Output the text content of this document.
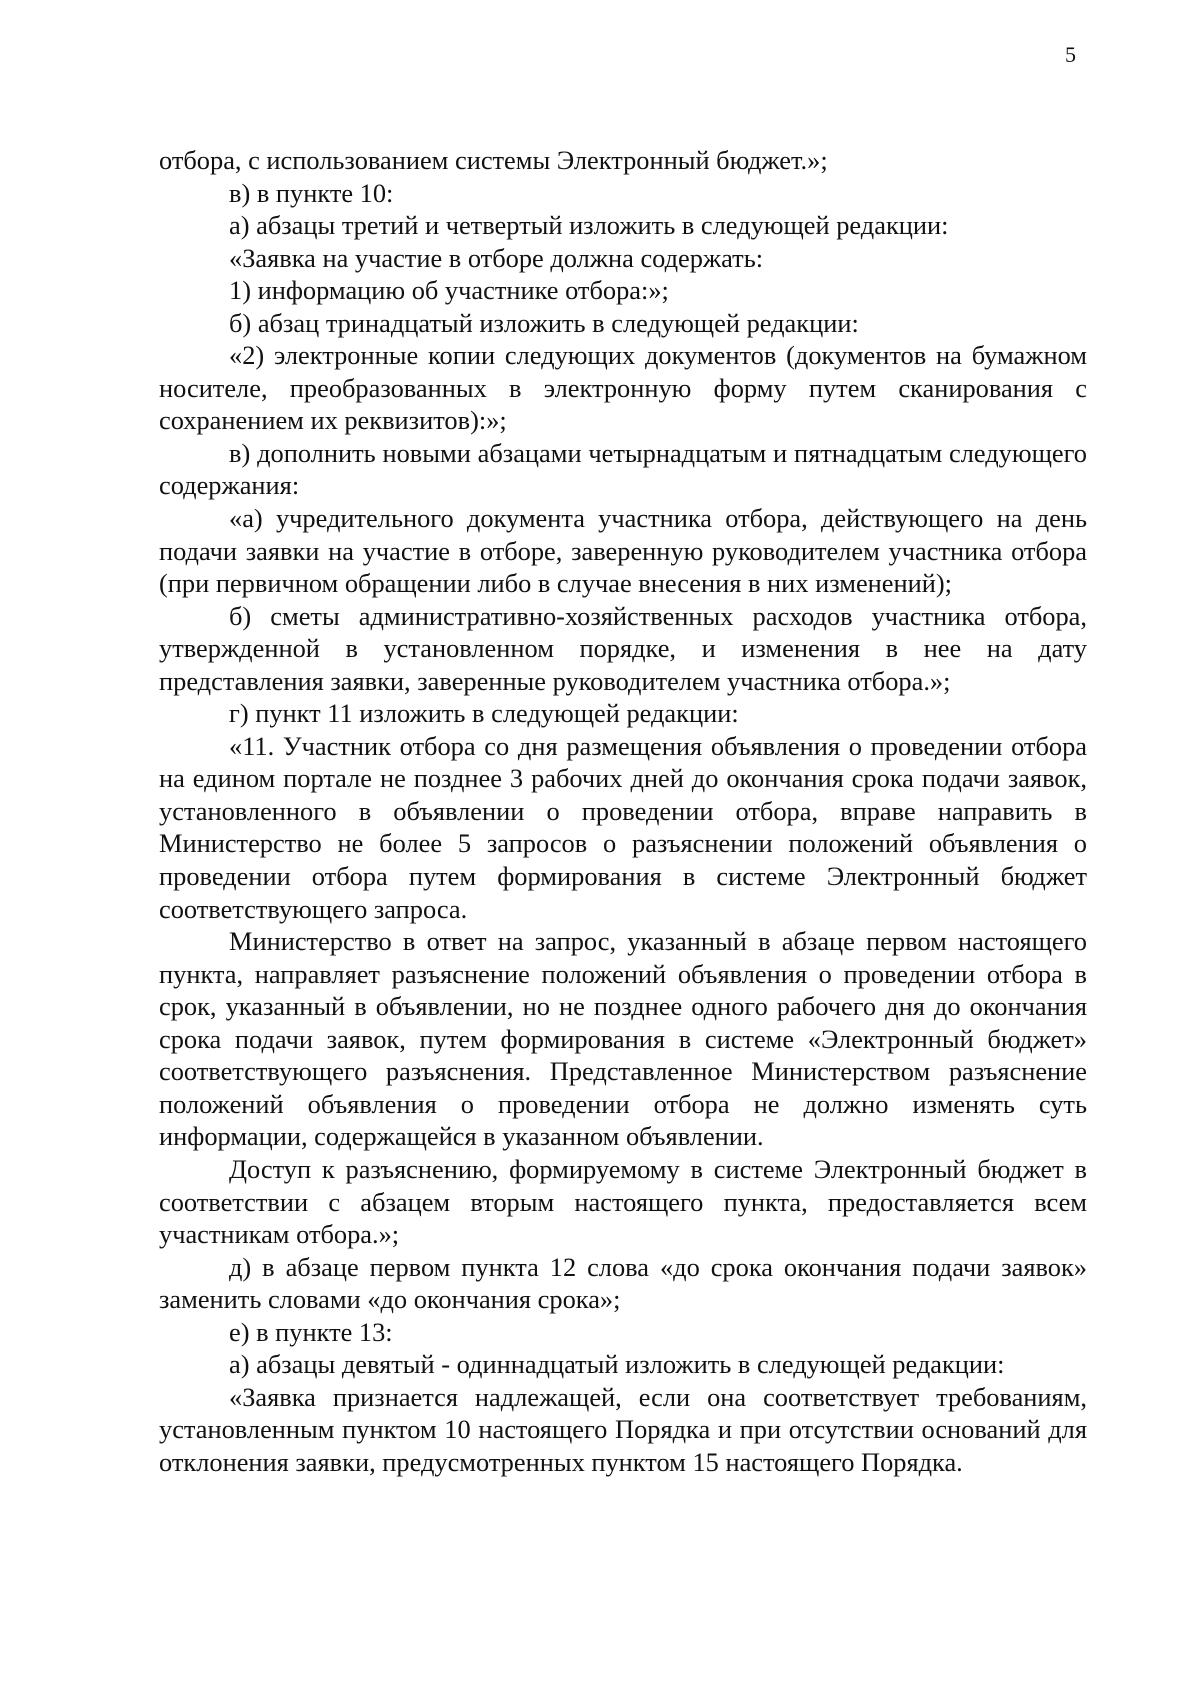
5

отбора, с использованием системы Электронный бюджет.»;

в) в пункте 10:

а) абзацы третий и четвертый изложить в следующей редакции:

«Заявка на участие в отборе должна содержать:

1) информацию об участнике отбора:»;

б) абзац тринадцатый изложить в следующей редакции:

«2) электронные копии следующих документов (документов на бумажном носителе, преобразованных в электронную форму путем сканирования с сохранением их реквизитов):»;

в) дополнить новыми абзацами четырнадцатым и пятнадцатым следующего содержания:

«а) учредительного документа участника отбора, действующего на день подачи заявки на участие в отборе, заверенную руководителем участника отбора (при первичном обращении либо в случае внесения в них изменений);

б) сметы административно-хозяйственных расходов участника отбора, утвержденной в установленном порядке, и изменения в нее на дату представления заявки, заверенные руководителем участника отбора.»;

г) пункт 11 изложить в следующей редакции:

«11. Участник отбора со дня размещения объявления о проведении отбора на едином портале не позднее 3 рабочих дней до окончания срока подачи заявок, установленного в объявлении о проведении отбора, вправе направить в Министерство не более 5 запросов о разъяснении положений объявления о проведении отбора путем формирования в системе Электронный бюджет соответствующего запроса.

Министерство в ответ на запрос, указанный в абзаце первом настоящего пункта, направляет разъяснение положений объявления о проведении отбора в срок, указанный в объявлении, но не позднее одного рабочего дня до окончания срока подачи заявок, путем формирования в системе «Электронный бюджет» соответствующего разъяснения. Представленное Министерством разъяснение положений объявления о проведении отбора не должно изменять суть информации, содержащейся в указанном объявлении.

Доступ к разъяснению, формируемому в системе Электронный бюджет в соответствии с абзацем вторым настоящего пункта, предоставляется всем участникам отбора.»;

д) в абзаце первом пункта 12 слова «до срока окончания подачи заявок» заменить словами «до окончания срока»;

е) в пункте 13:

а) абзацы девятый - одиннадцатый изложить в следующей редакции:

«Заявка признается надлежащей, если она соответствует требованиям, установленным пунктом 10 настоящего Порядка и при отсутствии оснований для отклонения заявки, предусмотренных пунктом 15 настоящего Порядка.
